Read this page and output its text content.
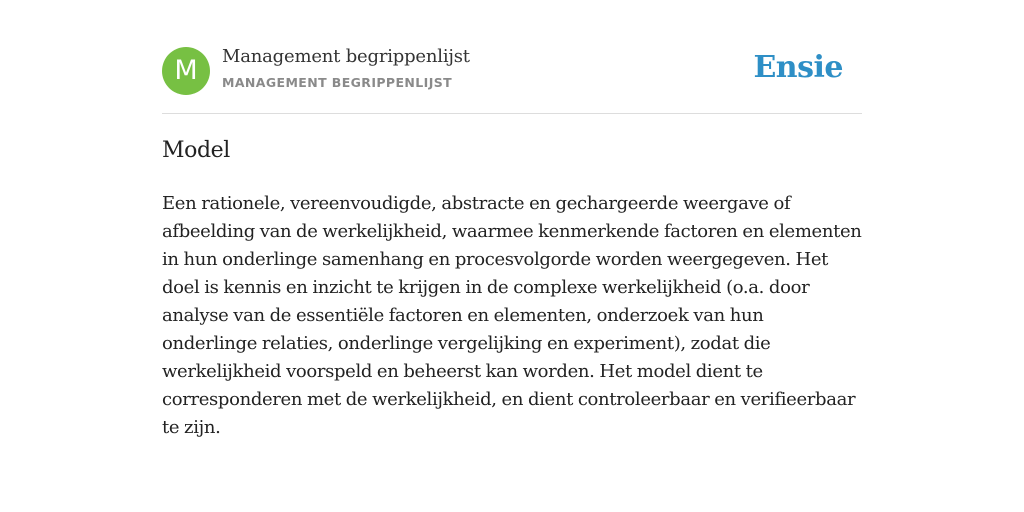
M	Management begrippenlijst
MANAGEMENT BEGRIPPENLIJST	Ensie
Model

Een rationele, vereenvoudigde, abstracte en gechargeerde weergave of afbeelding van de werkelijkheid, waarmee kenmerkende factoren en elementen in hun onderlinge samenhang en procesvolgorde worden weergegeven. Het doel is kennis en inzicht te krijgen in de complexe werkelijkheid (o.a. door analyse van de essentiële factoren en elementen, onderzoek van hun onderlinge relaties, onderlinge vergelijking en experiment), zodat die werkelijkheid voorspeld en beheerst kan worden. Het model dient te corresponderen met de werkelijkheid, en dient controleerbaar en verifieerbaar te zijn.
